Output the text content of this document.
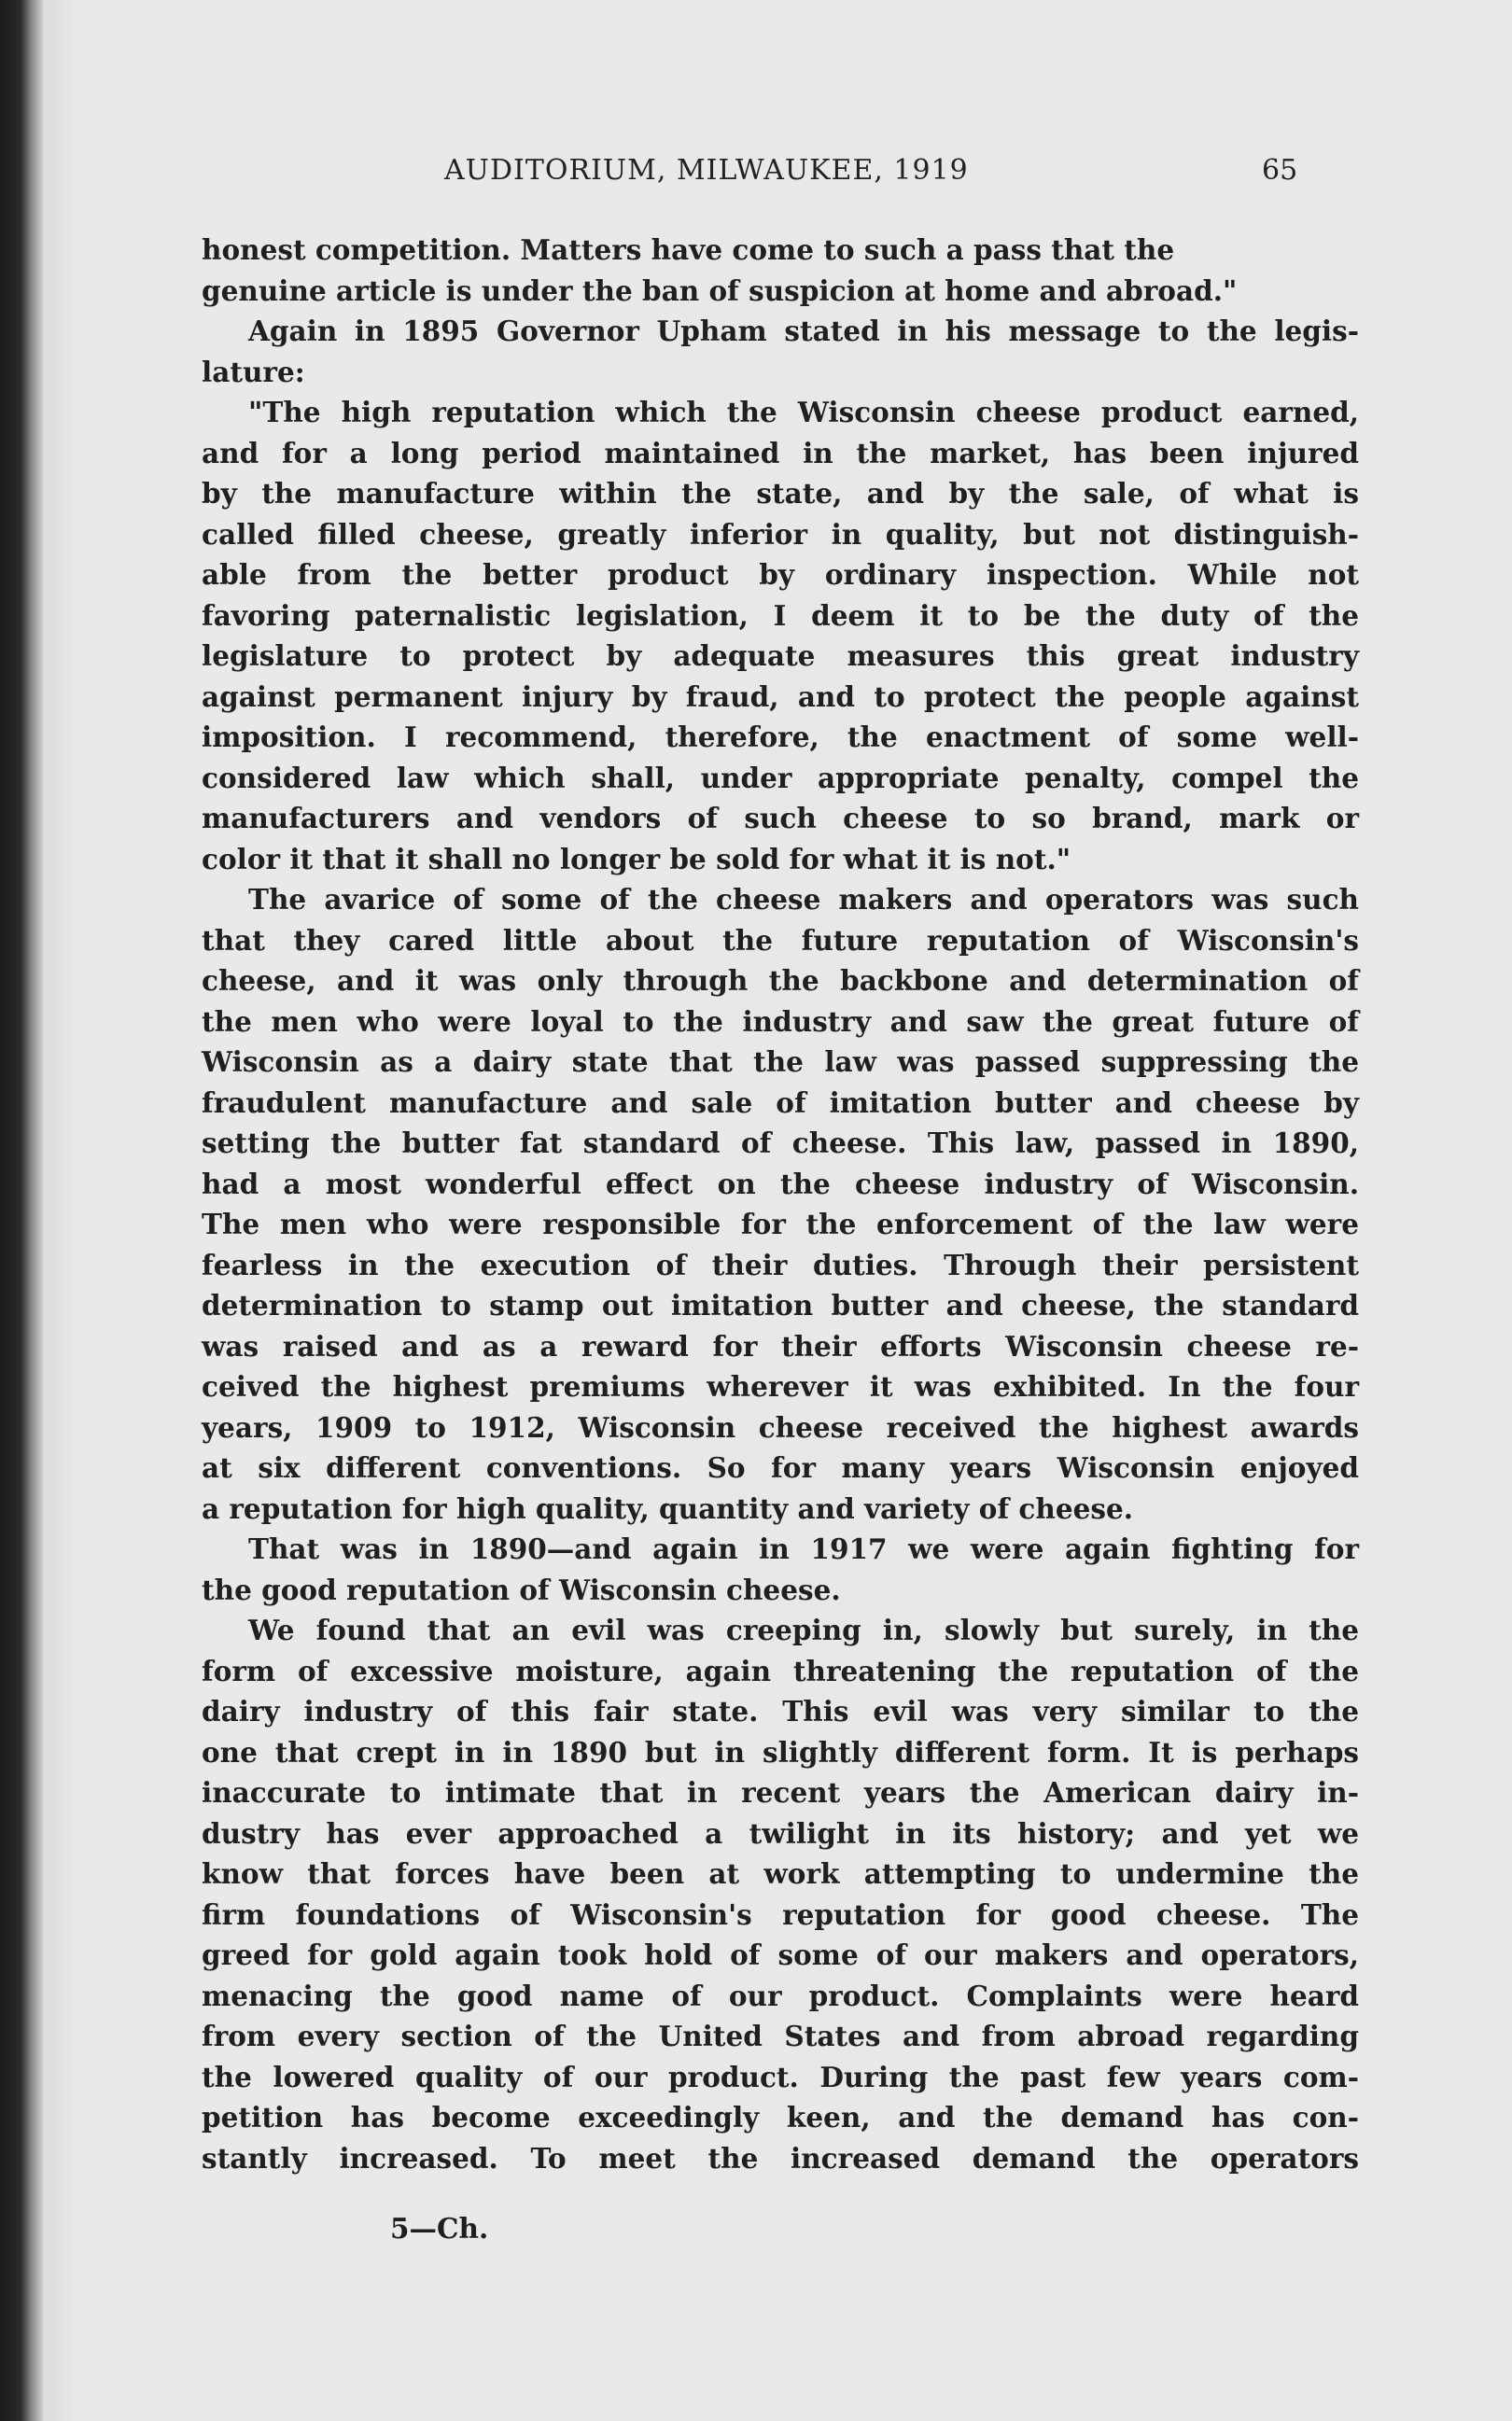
AUDITORIUM, MILWAUKEE, 1919	65
honest competition. Matters have come to such a pass that the
genuine article is under the ban of suspicion at home and abroad."
Again in 1895 Governor Upham stated in his message to the legis-
lature:
"The high reputation which the Wisconsin cheese product earned,
and for a long period maintained in the market, has been injured
by the manufacture within the state, and by the sale, of what is
called filled cheese, greatly inferior in quality, but not distinguish-
able from the better product by ordinary inspection. While not
favoring paternalistic legislation, I deem it to be the duty of the
legislature to protect by adequate measures this great industry
against permanent injury by fraud, and to protect the people against
imposition. I recommend, therefore, the enactment of some well-
considered law which shall, under appropriate penalty, compel the
manufacturers and vendors of such cheese to so brand, mark or
color it that it shall no longer be sold for what it is not."
The avarice of some of the cheese makers and operators was such
that they cared little about the future reputation of Wisconsin's
cheese, and it was only through the backbone and determination of
the men who were loyal to the industry and saw the great future of
Wisconsin as a dairy state that the law was passed suppressing the
fraudulent manufacture and sale of imitation butter and cheese by
setting the butter fat standard of cheese. This law, passed in 1890,
had a most wonderful effect on the cheese industry of Wisconsin.
The men who were responsible for the enforcement of the law were
fearless in the execution of their duties. Through their persistent
determination to stamp out imitation butter and cheese, the standard
was raised and as a reward for their efforts Wisconsin cheese re-
ceived the highest premiums wherever it was exhibited. In the four
years, 1909 to 1912, Wisconsin cheese received the highest awards
at six different conventions. So for many years Wisconsin enjoyed
a reputation for high quality, quantity and variety of cheese.
That was in 1890—and again in 1917 we were again fighting for
the good reputation of Wisconsin cheese.
We found that an evil was creeping in, slowly but surely, in the
form of excessive moisture, again threatening the reputation of the
dairy industry of this fair state. This evil was very similar to the
one that crept in in 1890 but in slightly different form. It is perhaps
inaccurate to intimate that in recent years the American dairy in-
dustry has ever approached a twilight in its history; and yet we
know that forces have been at work attempting to undermine the
firm foundations of Wisconsin's reputation for good cheese. The
greed for gold again took hold of some of our makers and operators,
menacing the good name of our product. Complaints were heard
from every section of the United States and from abroad regarding
the lowered quality of our product. During the past few years com-
petition has become exceedingly keen, and the demand has con-
stantly increased. To meet the increased demand the operators
5—Ch.
